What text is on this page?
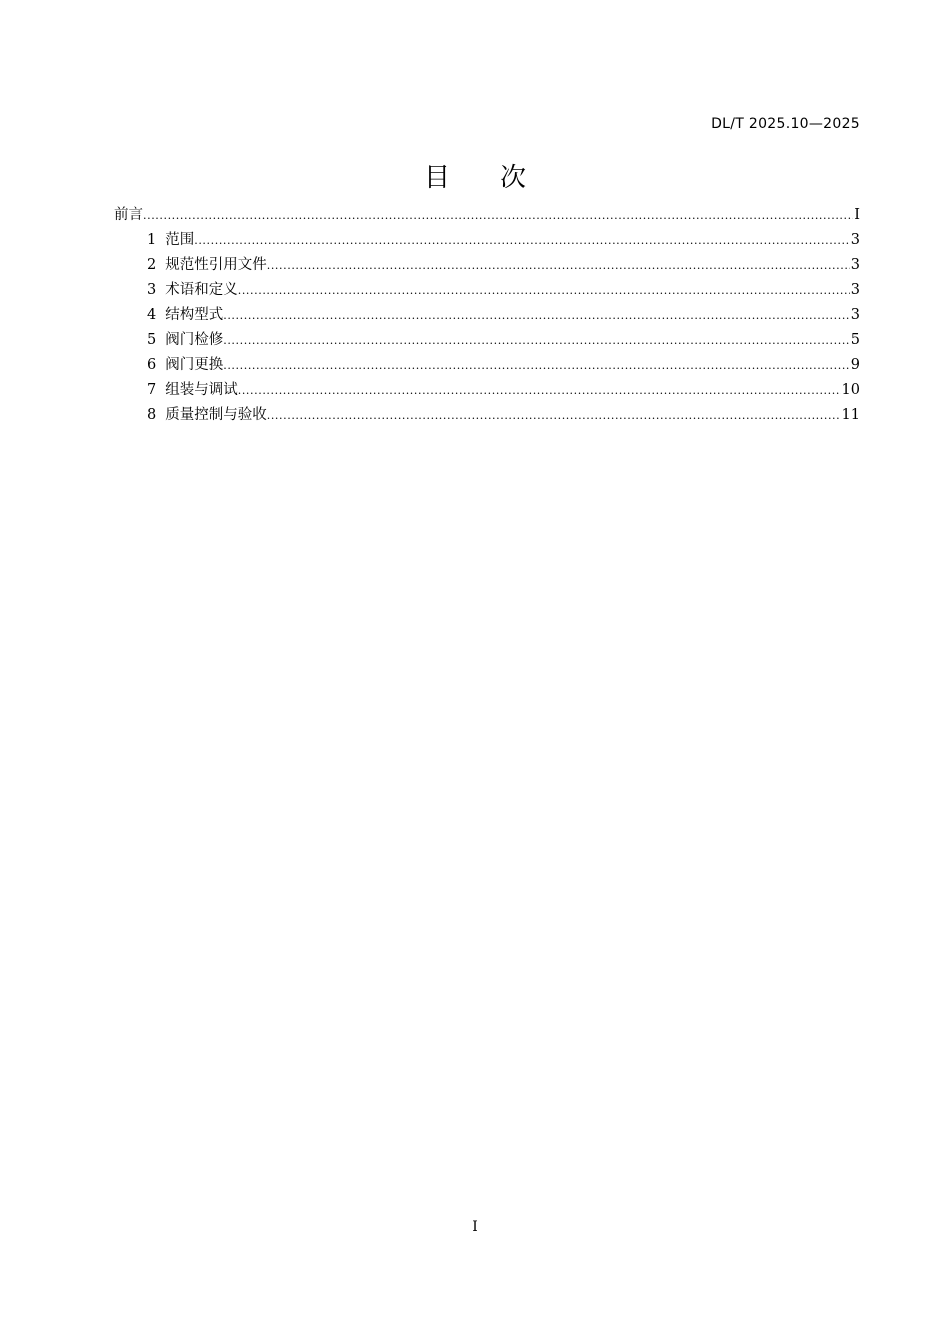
DL/T 2025.10—2025
目 次
前言 .....	I
1 范围 .....	3
2 规范性引用文件 .....	3
3 术语和定义 .....	3
4 结构型式 .....	3
5 阀门检修 .....	5
6 阀门更换 .....	9
7 组装与调试 .....	10
8 质量控制与验收 .....	11
I
